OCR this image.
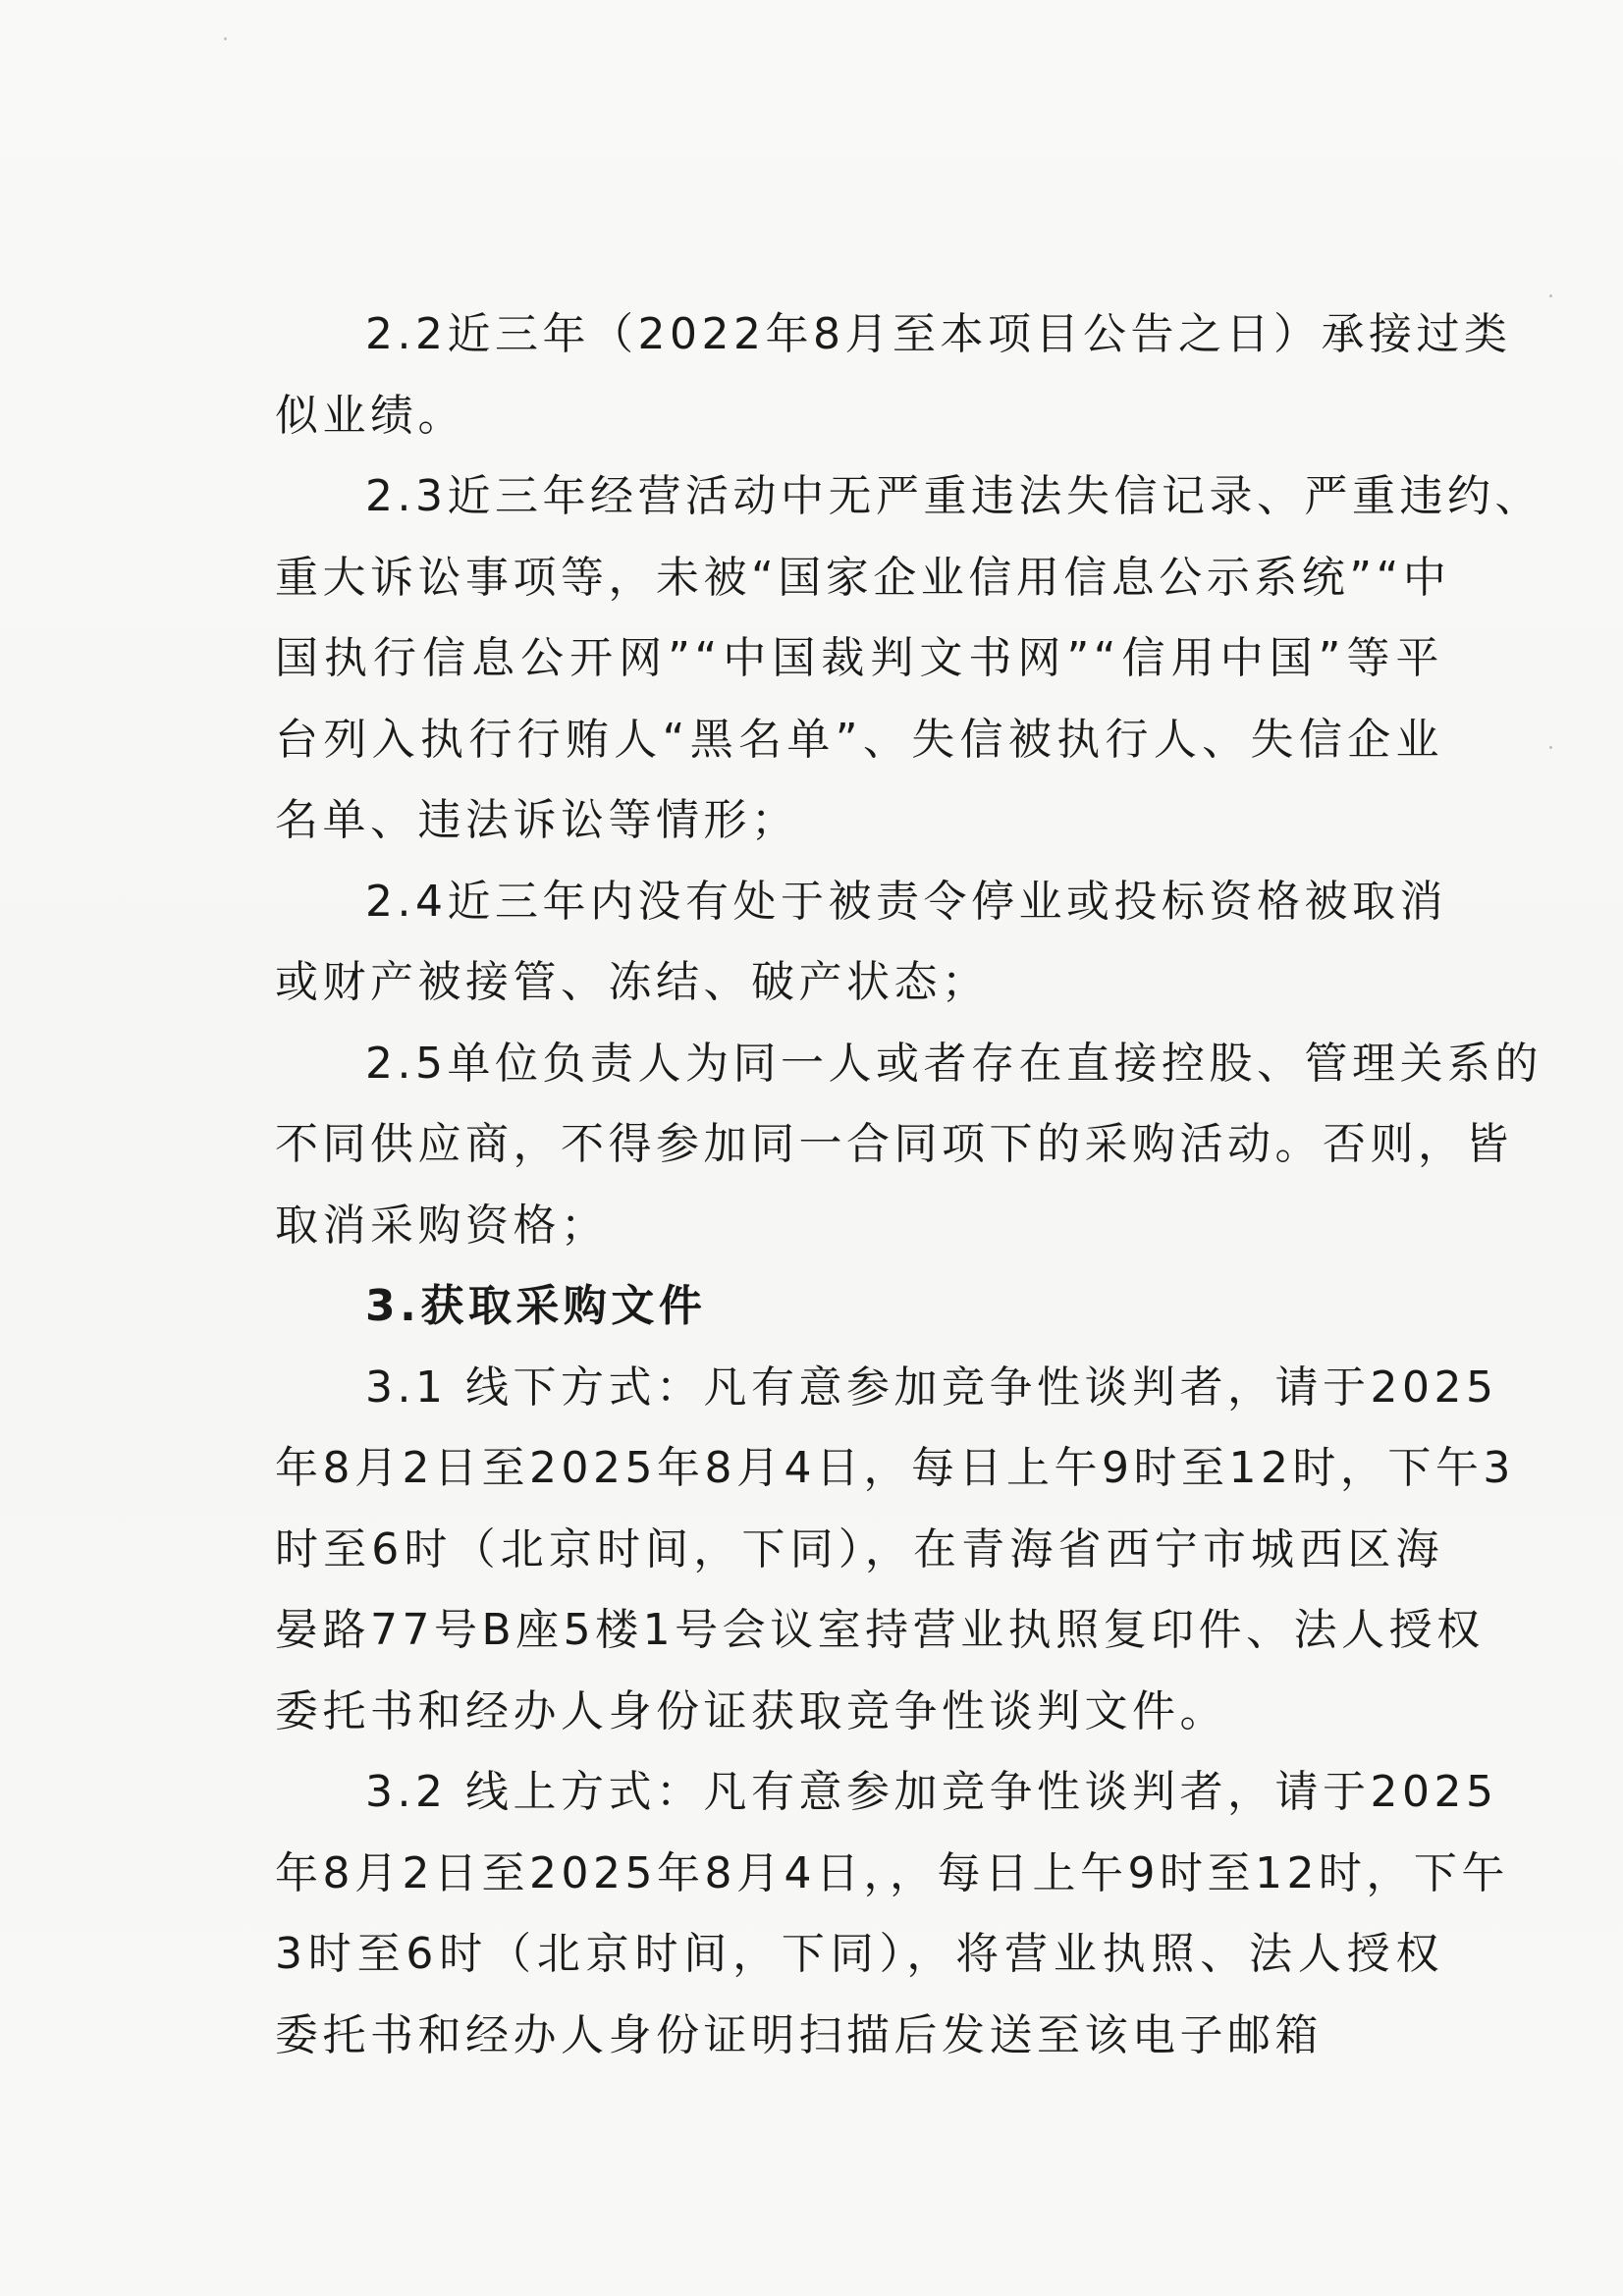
2.2近三年（2022年8月至本项目公告之日）承接过类
似业绩。
2.3近三年经营活动中无严重违法失信记录、严重违约、
重大诉讼事项等，未被“国家企业信用信息公示系统”“中
国执行信息公开网”“中国裁判文书网”“信用中国”等平
台列入执行行贿人“黑名单”、失信被执行人、失信企业
名单、违法诉讼等情形；
2.4近三年内没有处于被责令停业或投标资格被取消
或财产被接管、冻结、破产状态；
2.5单位负责人为同一人或者存在直接控股、管理关系的
不同供应商，不得参加同一合同项下的采购活动。否则，皆
取消采购资格；
3.获取采购文件
3.1 线下方式：凡有意参加竞争性谈判者，请于2025
年8月2日至2025年8月4日，每日上午9时至12时，下午3
时至6时（北京时间，下同），在青海省西宁市城西区海
晏路77号B座5楼1号会议室持营业执照复印件、法人授权
委托书和经办人身份证获取竞争性谈判文件。
3.2 线上方式：凡有意参加竞争性谈判者，请于2025
年8月2日至2025年8月4日，，每日上午9时至12时，下午
3时至6时（北京时间，下同），将营业执照、法人授权
委托书和经办人身份证明扫描后发送至该电子邮箱
